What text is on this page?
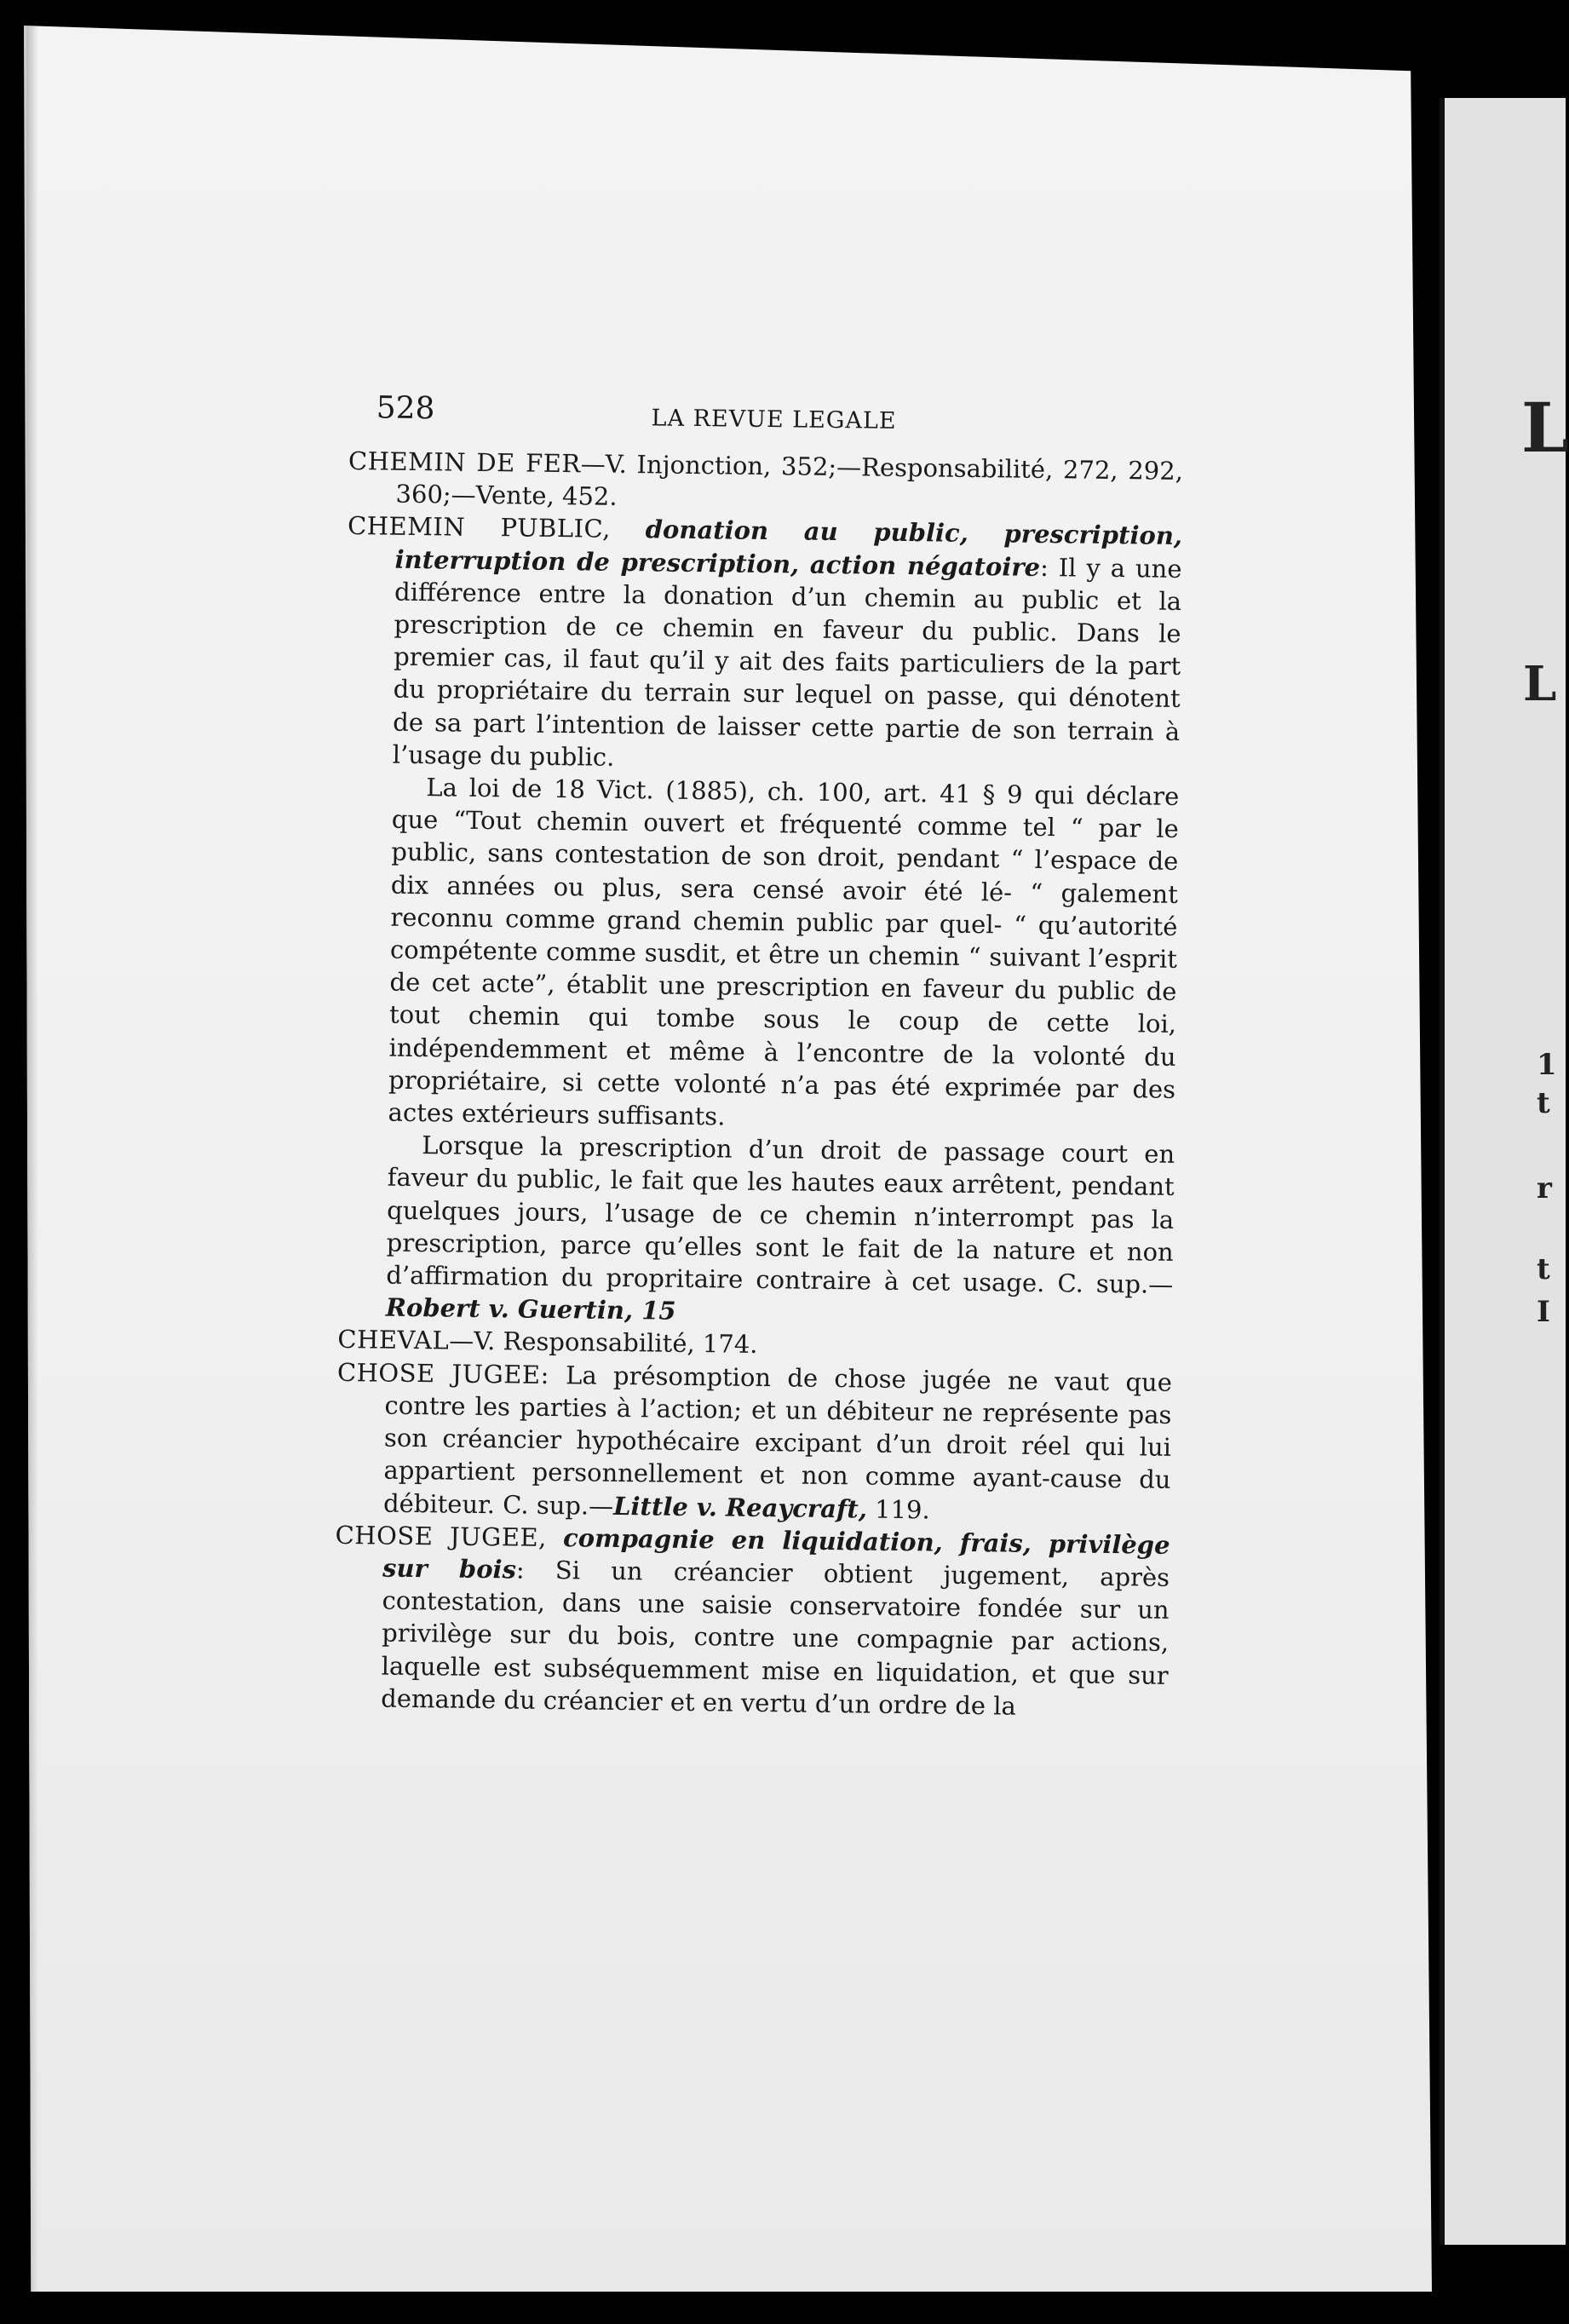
528	LA REVUE LEGALE

CHEMIN DE FER—V. Injonction, 352;—Responsabilité, 272, 292, 360;—Vente, 452.

CHEMIN PUBLIC, donation au public, prescription, interruption de prescription, action négatoire: Il y a une différence entre la donation d’un chemin au public et la prescription de ce chemin en faveur du public. Dans le premier cas, il faut qu’il y ait des faits particuliers de la part du propriétaire du terrain sur lequel on passe, qui dénotent de sa part l’intention de laisser cette partie de son terrain à l’usage du public.

La loi de 18 Vict. (1885), ch. 100, art. 41 § 9 qui déclare que “Tout chemin ouvert et fréquenté comme tel “ par le public, sans contestation de son droit, pendant “ l’espace de dix années ou plus, sera censé avoir été lé- “ galement reconnu comme grand chemin public par quel- “ qu’autorité compétente comme susdit, et être un chemin “ suivant l’esprit de cet acte”, établit une prescription en faveur du public de tout chemin qui tombe sous le coup de cette loi, indépendemment et même à l’encontre de la volonté du propriétaire, si cette volonté n’a pas été exprimée par des actes extérieurs suffisants.

Lorsque la prescription d’un droit de passage court en faveur du public, le fait que les hautes eaux arrêtent, pendant quelques jours, l’usage de ce chemin n’interrompt pas la prescription, parce qu’elles sont le fait de la nature et non d’affirmation du propritaire contraire à cet usage. C. sup.— Robert v. Guertin, 15

CHEVAL—V. Responsabilité, 174.

CHOSE JUGEE: La présomption de chose jugée ne vaut que contre les parties à l’action; et un débiteur ne représente pas son créancier hypothécaire excipant d’un droit réel qui lui appartient personnellement et non comme ayant-cause du débiteur. C. sup.—Little v. Reaycraft, 119.

CHOSE JUGEE, compagnie en liquidation, frais, privilège sur bois: Si un créancier obtient jugement, après contestation, dans une saisie conservatoire fondée sur un privilège sur du bois, contre une compagnie par actions, laquelle est subséquemment mise en liquidation, et que sur demande du créancier et en vertu d’un ordre de la

L
L
1
t
r
t
I
